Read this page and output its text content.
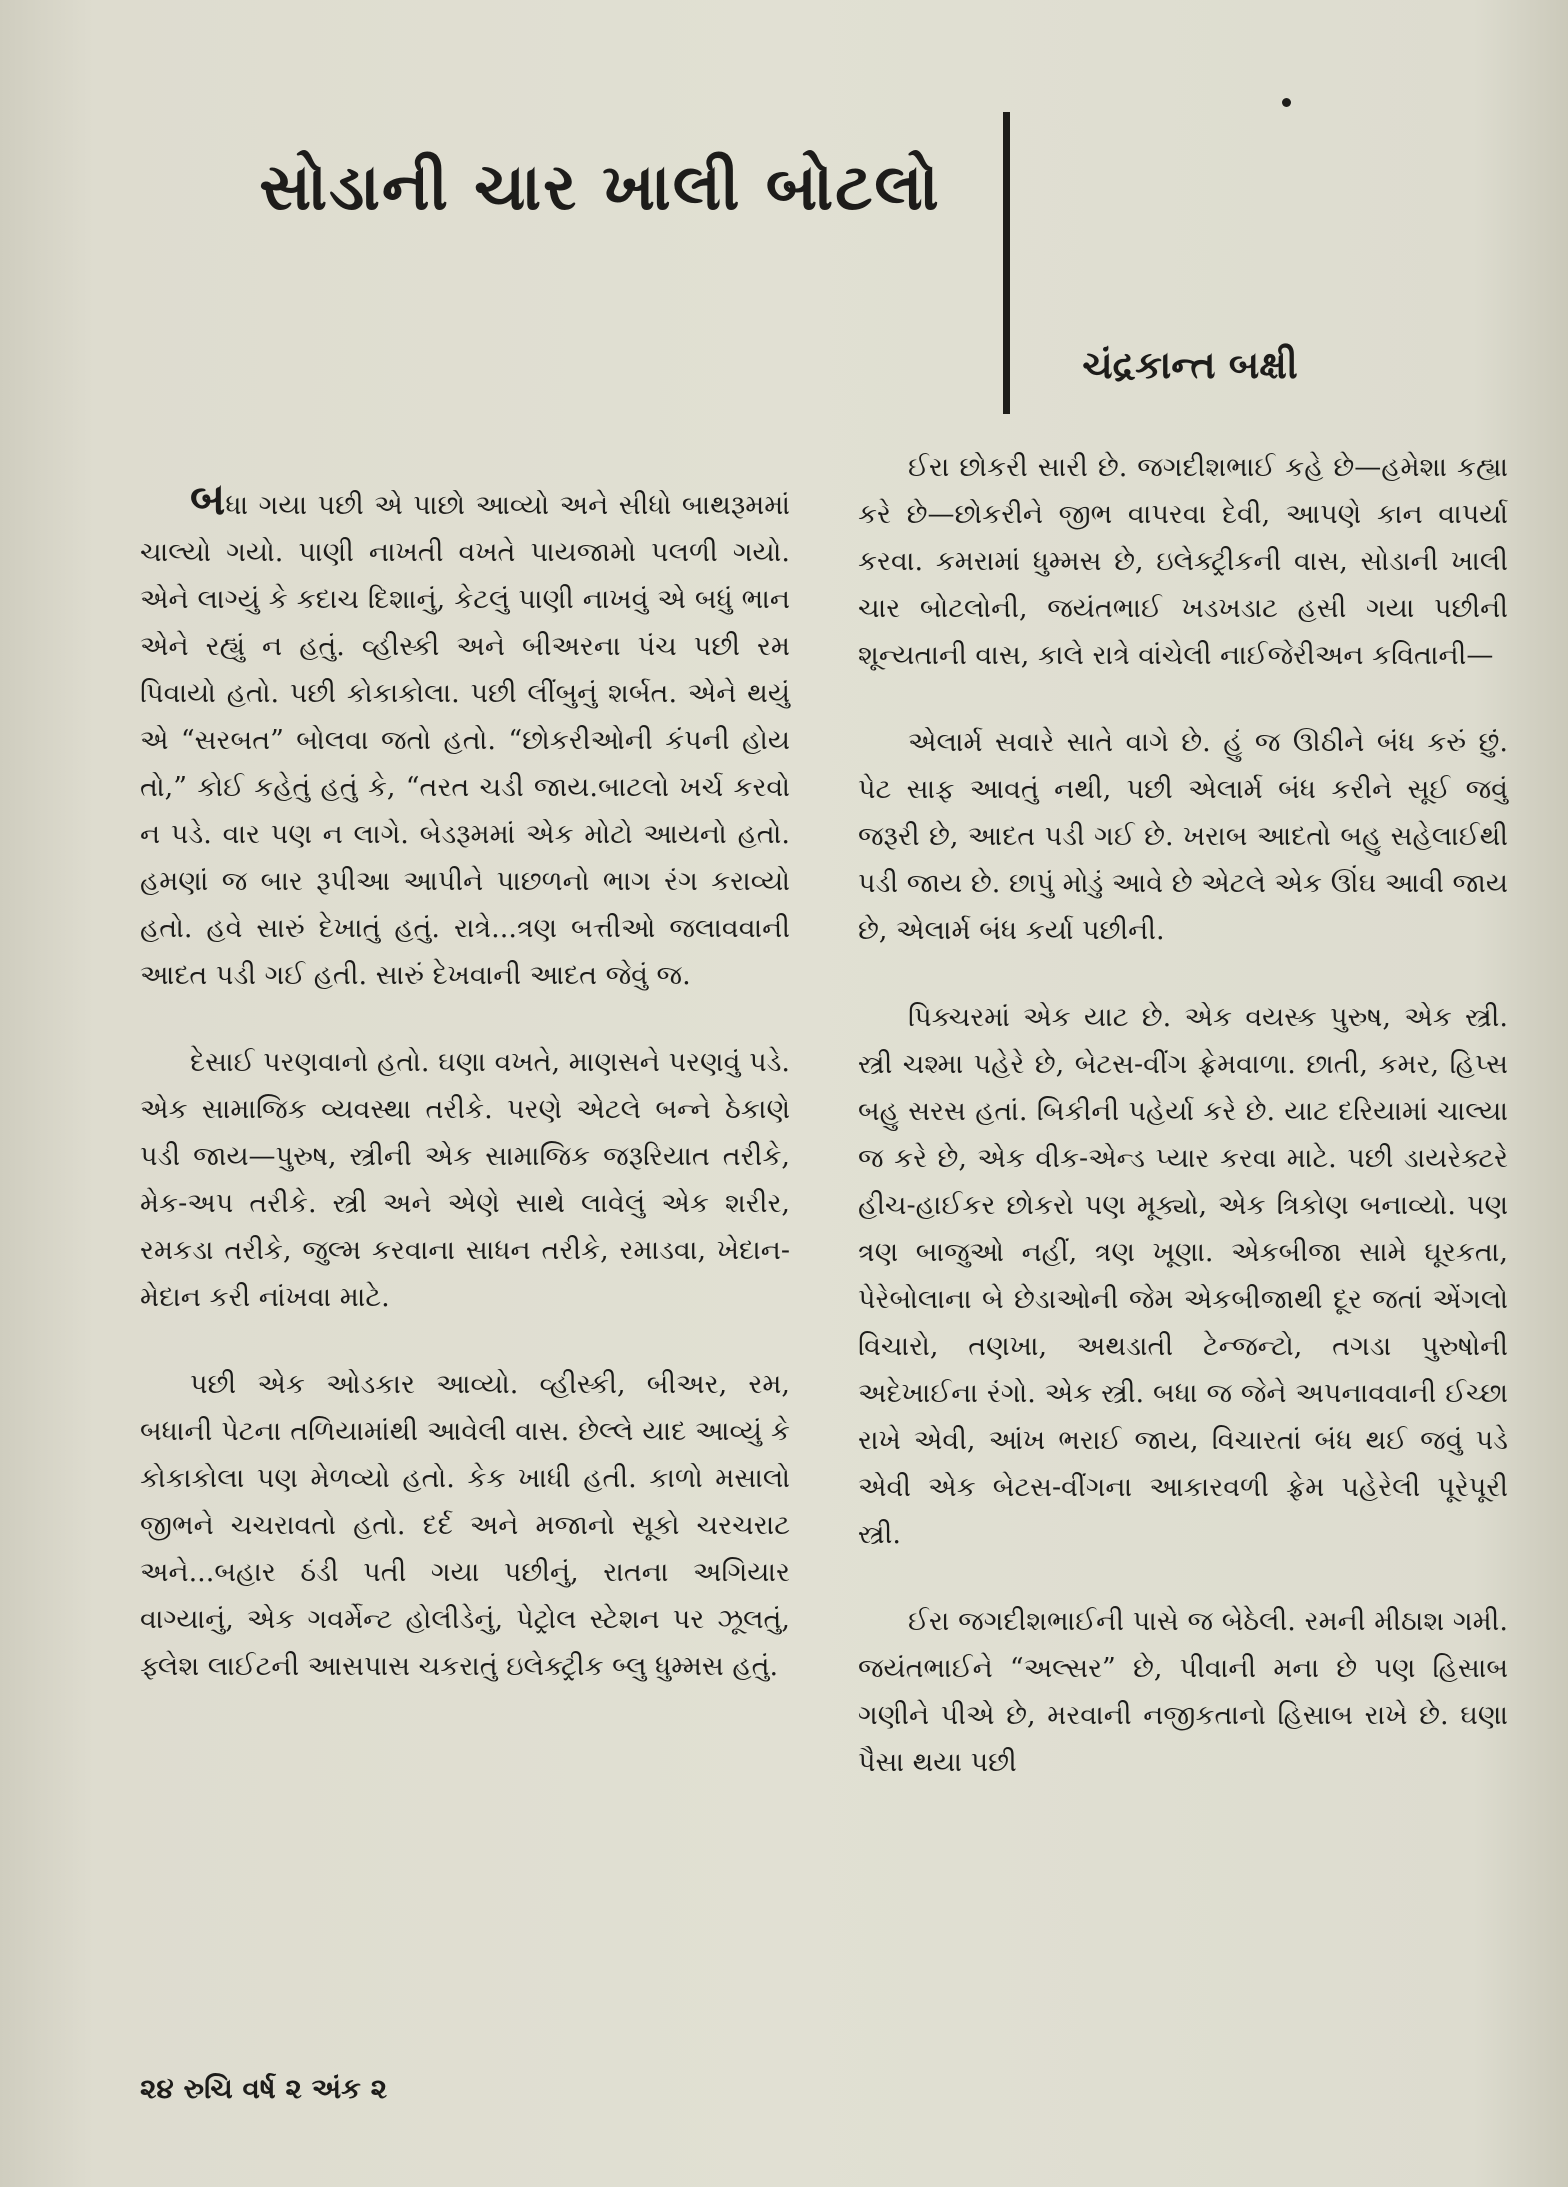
સોડાની ચાર ખાલી બોટલો
ચંદ્રકાન્ત બક્ષી

બધા ગયા પછી એ પાછો આવ્યો અને સીધો બાથરૂમમાં ચાલ્યો ગયો. પાણી નાખતી વખતે પાયજામો પલળી ગયો. એને લાગ્યું કે કદાચ દિશાનું, કેટલું પાણી નાખવું એ બધું ભાન એને રહ્યું ન હતું. વ્હીસ્કી અને બીઅરના પંચ પછી રમ પિવાયો હતો. પછી કોકાકોલા. પછી લીંબુનું શર્બત. એને થયું એ “સરબત” બોલવા જતો હતો. “છોકરીઓની કંપની હોય તો,” કોઈ કહેતું હતું કે, “તરત ચડી જાય.બાટલો ખર્ચ કરવો ન પડે. વાર પણ ન લાગે. બેડરૂમમાં એક મોટો આયનો હતો. હમણાં જ બાર રૂપીઆ આપીને પાછળનો ભાગ રંગ કરાવ્યો હતો. હવે સારું દેખાતું હતું. રાત્રે...ત્રણ બત્તીઓ જલાવવાની આદત પડી ગઈ હતી. સારું દેખવાની આદત જેવું જ.

દેસાઈ પરણવાનો હતો. ઘણા વખતે, માણસને પરણવું પડે. એક સામાજિક વ્યવસ્થા તરીકે. પરણે એટલે બન્ને ઠેકાણે પડી જાય—પુરુષ, સ્ત્રીની એક સામાજિક જરૂરિયાત તરીકે, મેક-અપ તરીકે. સ્ત્રી અને એણે સાથે લાવેલું એક શરીર, રમકડા તરીકે, જુલ્મ કરવાના સાધન તરીકે, રમાડવા, ખેદાન-મેદાન કરી નાંખવા માટે.

પછી એક ઓડકાર આવ્યો. વ્હીસ્કી, બીઅર, રમ, બધાની પેટના તળિયામાંથી આવેલી વાસ. છેલ્લે યાદ આવ્યું કે કોકાકોલા પણ મેળવ્યો હતો. કેક ખાધી હતી. કાળો મસાલો જીભને ચચરાવતો હતો. દર્દ અને મજાનો સૂકો ચરચરાટ અને...બહાર ઠંડી પતી ગયા પછીનું, રાતના અગિયાર વાગ્યાનું, એક ગવર્મેન્ટ હોલીડેનું, પેટ્રોલ સ્ટેશન પર ઝૂલતું, ફ્લેશ લાઈટની આસપાસ ચકરાતું ઇલેક્ટ્રીક બ્લુ ધુમ્મસ હતું.

ઈરા છોકરી સારી છે. જગદીશભાઈ કહે છે—હમેશા કહ્યા કરે છે—છોકરીને જીભ વાપરવા દેવી, આપણે કાન વાપર્યા કરવા. કમરામાં ધુમ્મસ છે, ઇલેક્ટ્રીકની વાસ, સોડાની ખાલી ચાર બોટલોની, જયંતભાઈ ખડખડાટ હસી ગયા પછીની શૂન્યતાની વાસ, કાલે રાત્રે વાંચેલી નાઈજેરીઅન કવિતાની—

એલાર્મ સવારે સાતે વાગે છે. હું જ ઊઠીને બંધ કરું છું. પેટ સાફ આવતું નથી, પછી એલાર્મ બંધ કરીને સૂઈ જવું જરૂરી છે, આદત પડી ગઈ છે. ખરાબ આદતો બહુ સહેલાઈથી પડી જાય છે. છાપું મોડું આવે છે એટલે એક ઊંઘ આવી જાય છે, એલાર્મ બંધ કર્યા પછીની.

પિક્ચરમાં એક યાટ છે. એક વયસ્ક પુરુષ, એક સ્ત્રી. સ્ત્રી ચશ્મા પહેરે છે, બેટસ-વીંગ ફ્રેમવાળા. છાતી, કમર, હિપ્સ બહુ સરસ હતાં. બિકીની પહેર્યા કરે છે. યાટ દરિયામાં ચાલ્યા જ કરે છે, એક વીક-એન્ડ પ્યાર કરવા માટે. પછી ડાયરેક્ટરે હીચ-હાઈકર છોકરો પણ મૂક્યો, એક ત્રિકોણ બનાવ્યો. પણ ત્રણ બાજુઓ નહીં, ત્રણ ખૂણા. એકબીજા સામે ઘૂરકતા, પેરેબોલાના બે છેડાઓની જેમ એકબીજાથી દૂર જતાં એંગલો વિચારો, તણખા, અથડાતી ટેન્જન્ટો, તગડા પુરુષોની અદેખાઈના રંગો. એક સ્ત્રી. બધા જ જેને અપનાવવાની ઈચ્છા રાખે એવી, આંખ ભરાઈ જાય, વિચારતાં બંધ થઈ જવું પડે એવી એક બેટસ-વીંગના આકારવળી ફ્રેમ પહેરેલી પૂરેપૂરી સ્ત્રી.

ઈરા જગદીશભાઈની પાસે જ બેઠેલી. રમની મીઠાશ ગમી. જયંતભાઈને “અલ્સર” છે, પીવાની મના છે પણ હિસાબ ગણીને પીએ છે, મરવાની નજીકતાનો હિસાબ રાખે છે. ઘણા પૈસા થયા પછી

૨૪ રુચિ વર્ષ ૨ અંક ૨
